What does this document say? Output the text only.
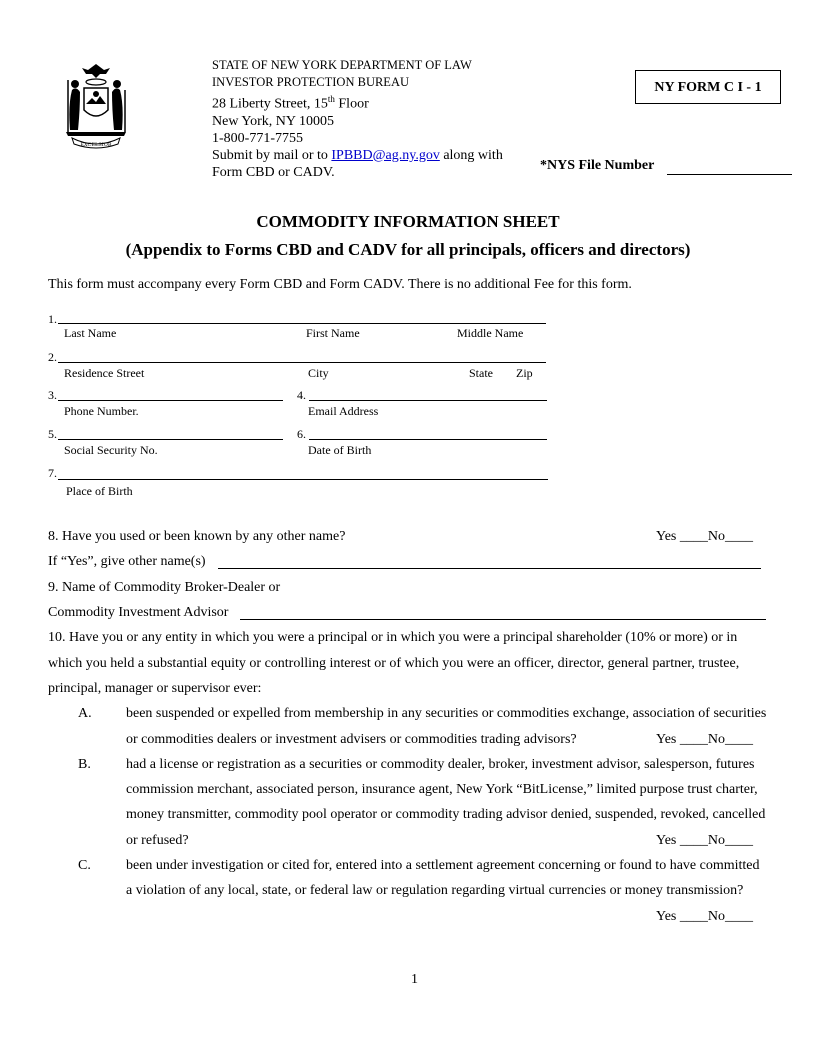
EXCELSIOR
STATE OF NEW YORK DEPARTMENT OF LAW
INVESTOR PROTECTION BUREAU
28 Liberty Street, 15th Floor
New York, NY 10005
1-800-771-7755
Submit by mail or to IPBBD@ag.ny.gov along with
Form CBD or CADV.
NY FORM C I - 1
*NYS File Number
COMMODITY INFORMATION SHEET
(Appendix to Forms CBD and CADV for all principals, officers and directors)
This form must accompany every Form CBD and Form CADV. There is no additional Fee for this form.
1.
Last Name	First Name	Middle Name
2.
Residence Street	City	State Zip
3.
Phone Number.
4.
Email Address
5.
Social Security No.
6.
Date of Birth
7.
Place of Birth
8. Have you used or been known by any other name?	Yes ____No____
If “Yes”, give other name(s)
9. Name of Commodity Broker-Dealer or
Commodity Investment Advisor
10. Have you or any entity in which you were a principal or in which you were a principal shareholder (10% or more) or in
which you held a substantial equity or controlling interest or of which you were an officer, director, general partner, trustee,
principal, manager or supervisor ever:
A. been suspended or expelled from membership in any securities or commodities exchange, association of securities
or commodities dealers or investment advisers or commodities trading advisors?	Yes ____No____
B.	had a license or registration as a securities or commodity dealer, broker, investment advisor, salesperson, futures
commission merchant, associated person, insurance agent, New York “BitLicense,” limited purpose trust charter,
money transmitter, commodity pool operator or commodity trading advisor denied, suspended, revoked, cancelled
or refused?	Yes ____No____
C.	been under investigation or cited for, entered into a settlement agreement concerning or found to have committed
a violation of any local, state, or federal law or regulation regarding virtual currencies or money transmission?
Yes ____No____
1
